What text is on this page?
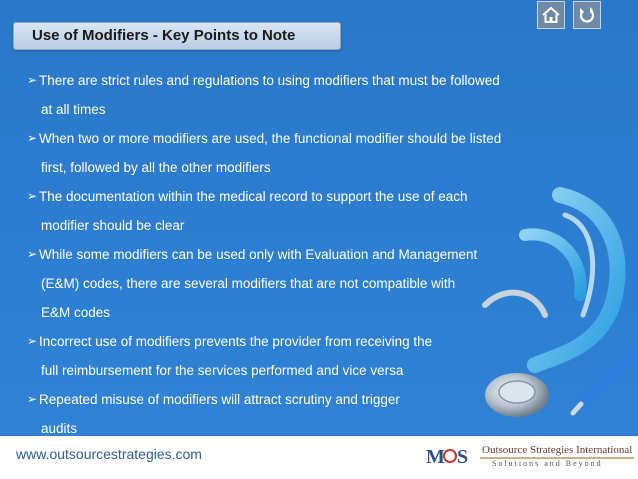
Use of Modifiers - Key Points to Note
➢ There are strict rules and regulations to using modifiers that must be followed
at all times
➢ When two or more modifiers are used, the functional modifier should be listed
first, followed by all the other modifiers
➢ The documentation within the medical record to support the use of each
modifier should be clear
➢ While some modifiers can be used only with Evaluation and Management
(E&M) codes, there are several modifiers that are not compatible with
E&M codes
➢ Incorrect use of modifiers prevents the provider from receiving the
full reimbursement for the services performed and vice versa
➢ Repeated misuse of modifiers will attract scrutiny and trigger
audits
www.outsourcestrategies.com	M S Outsource Strategies International
Solutions and Beyond
